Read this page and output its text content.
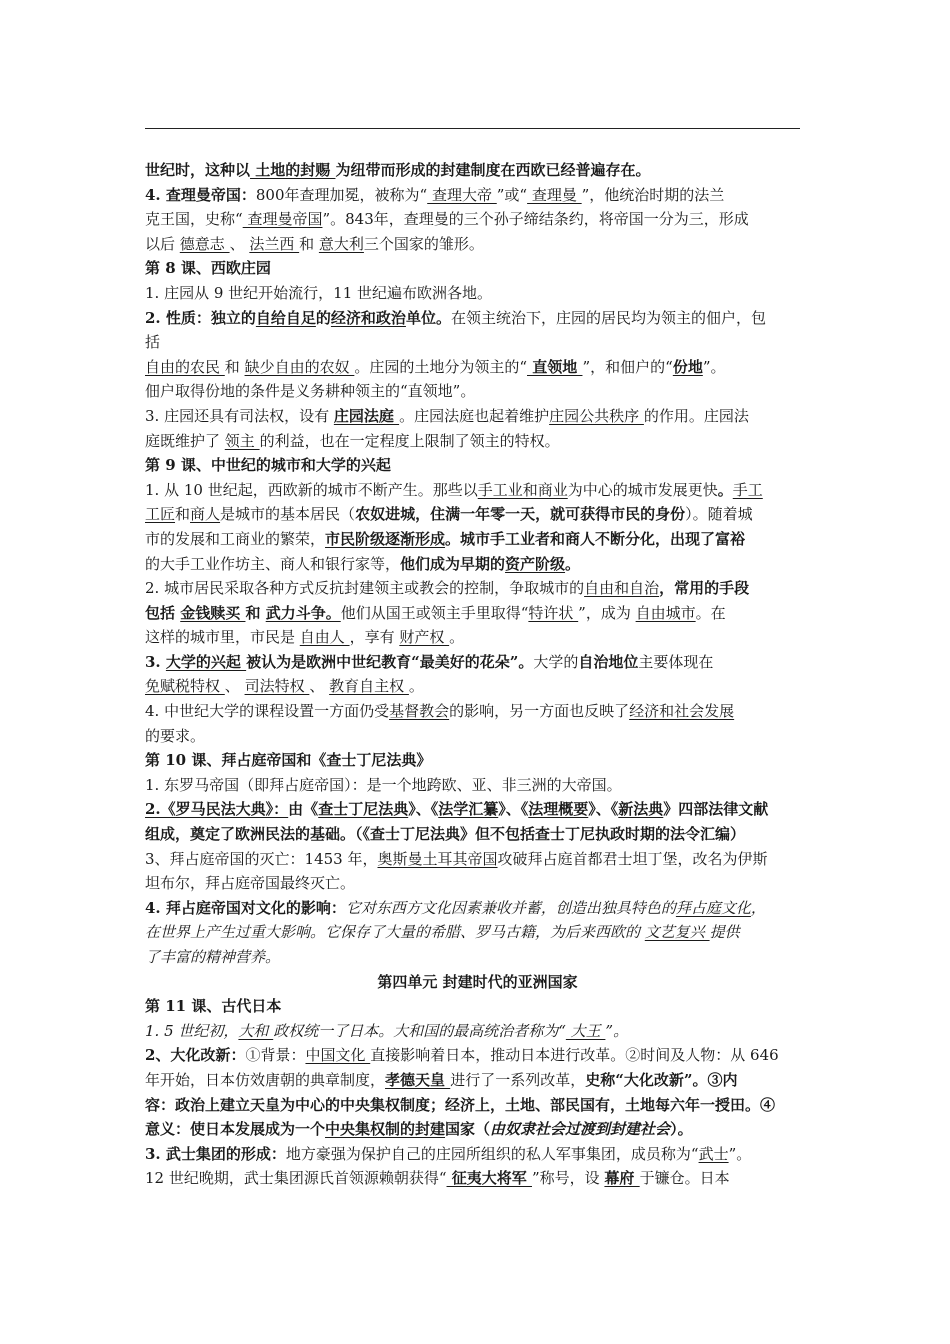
世纪时，这种以 土地的封赐 为纽带而形成的封建制度在西欧已经普遍存在。

4. 查理曼帝国：800年查理加冕，被称为“ 查理大帝 ”或“ 查理曼 ”，他统治时期的法兰

克王国，史称“ 查理曼帝国”。843年，查理曼的三个孙子缔结条约，将帝国一分为三，形成

以后 德意志 、 法兰西 和 意大利三个国家的雏形。

第 8 课、西欧庄园

1. 庄园从 9 世纪开始流行，11 世纪遍布欧洲各地。

2. 性质：独立的自给自足的经济和政治单位。在领主统治下，庄园的居民均为领主的佃户，包

括

自由的农民 和 缺少自由的农奴 。庄园的土地分为领主的“ 直领地 ”，和佃户的“份地”。

佃户取得份地的条件是义务耕种领主的“直领地”。

3. 庄园还具有司法权，设有 庄园法庭 。庄园法庭也起着维护庄园公共秩序 的作用。庄园法

庭既维护了 领主 的利益，也在一定程度上限制了领主的特权。

第 9 课、中世纪的城市和大学的兴起

1. 从 10 世纪起，西欧新的城市不断产生。那些以手工业和商业为中心的城市发展更快。手工

工匠和商人是城市的基本居民（农奴进城，住满一年零一天，就可获得市民的身份）。随着城

市的发展和工商业的繁荣，市民阶级逐渐形成。城市手工业者和商人不断分化，出现了富裕

的大手工业作坊主、商人和银行家等，他们成为早期的资产阶级。

2. 城市居民采取各种方式反抗封建领主或教会的控制，争取城市的自由和自治，常用的手段

包括 金钱赎买 和 武力斗争。他们从国王或领主手里取得“特许状 ”，成为 自由城市。在

这样的城市里，市民是 自由人 ，享有 财产权 。

3. 大学的兴起 被认为是欧洲中世纪教育“最美好的花朵”。大学的自治地位主要体现在

免赋税特权 、 司法特权 、 教育自主权 。

4. 中世纪大学的课程设置一方面仍受基督教会的影响，另一方面也反映了经济和社会发展

的要求。

第 10 课、拜占庭帝国和《查士丁尼法典》

1. 东罗马帝国（即拜占庭帝国）：是一个地跨欧、亚、非三洲的大帝国。

2.《罗马民法大典》：由《查士丁尼法典》、《法学汇纂》、《法理概要》、《新法典》四部法律文献

组成，奠定了欧洲民法的基础。（《查士丁尼法典》但不包括查士丁尼执政时期的法令汇编）

3、拜占庭帝国的灭亡：1453 年，奥斯曼土耳其帝国攻破拜占庭首都君士坦丁堡，改名为伊斯

坦布尔，拜占庭帝国最终灭亡。

4. 拜占庭帝国对文化的影响：它对东西方文化因素兼收并蓄，创造出独具特色的拜占庭文化，

在世界上产生过重大影响。它保存了大量的希腊、罗马古籍，为后来西欧的 文艺复兴 提供

了丰富的精神营养。

第四单元 封建时代的亚洲国家

第 11 课、古代日本

1. 5 世纪初，大和 政权统一了日本。大和国的最高统治者称为“ 大王 ”。

2、大化改新：①背景：中国文化 直接影响着日本，推动日本进行改革。②时间及人物：从 646

年开始，日本仿效唐朝的典章制度，孝德天皇 进行了一系列改革，史称“大化改新”。③内

容：政治上建立天皇为中心的中央集权制度；经济上，土地、部民国有，土地每六年一授田。④

意义：使日本发展成为一个中央集权制的封建国家（由奴隶社会过渡到封建社会）。

3. 武士集团的形成：地方豪强为保护自己的庄园所组织的私人军事集团，成员称为“武士”。

12 世纪晚期，武士集团源氏首领源赖朝获得“ 征夷大将军 ”称号，设 幕府 于镰仓。日本
